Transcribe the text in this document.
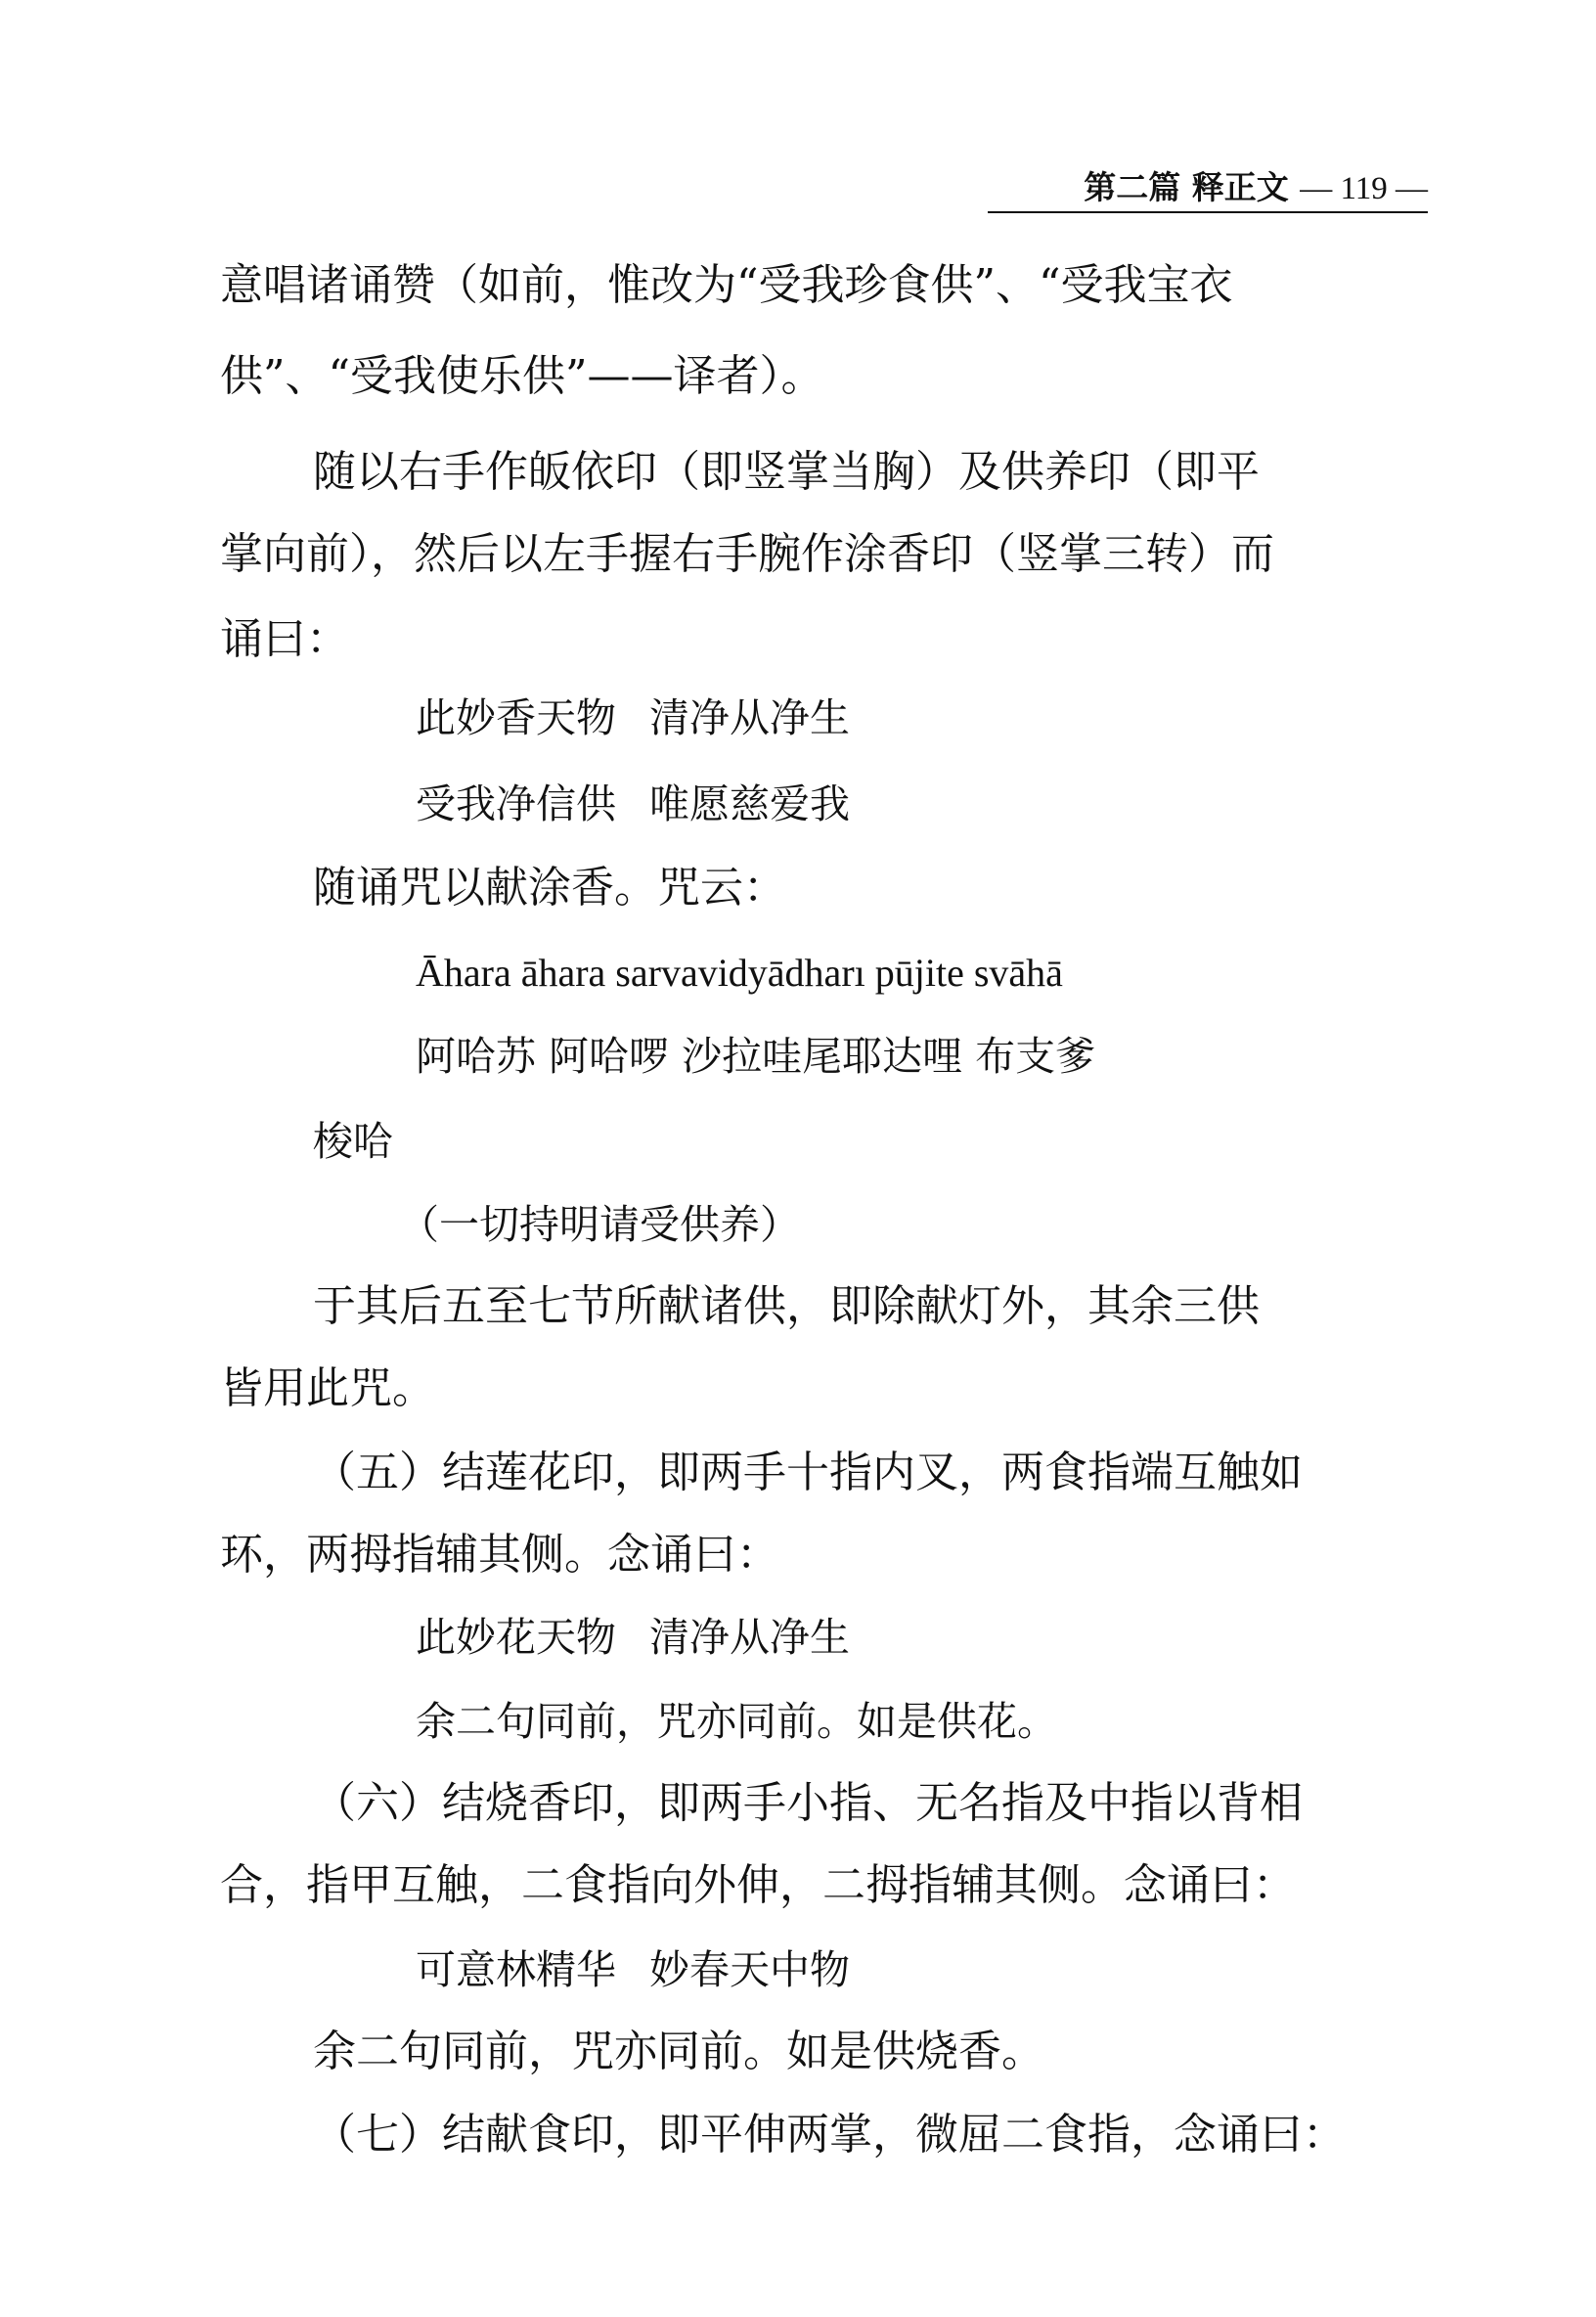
第二篇 释正文 — 119 —
意唱诸诵赞（如前，惟改为“受我珍食供”、“受我宝衣
供”、“受我使乐供”——译者）。
随以右手作皈依印（即竖掌当胸）及供养印（即平
掌向前），然后以左手握右手腕作涂香印（竖掌三转）而
诵曰：
此妙香天物 清净从净生
受我净信供 唯愿慈爱我
随诵咒以献涂香。咒云：
Āhara āhara sarvavidyādharı pūjite svāhā
阿哈苏 阿哈啰 沙拉哇尾耶达哩 布支爹
梭哈
（一切持明请受供养）
于其后五至七节所献诸供，即除献灯外，其余三供
皆用此咒。
（五）结莲花印，即两手十指内叉，两食指端互触如
环，两拇指辅其侧。念诵曰：
此妙花天物 清净从净生
余二句同前，咒亦同前。如是供花。
（六）结烧香印，即两手小指、无名指及中指以背相
合，指甲互触，二食指向外伸，二拇指辅其侧。念诵曰：
可意林精华 妙春天中物
余二句同前，咒亦同前。如是供烧香。
（七）结献食印，即平伸两掌，微屈二食指，念诵曰：
